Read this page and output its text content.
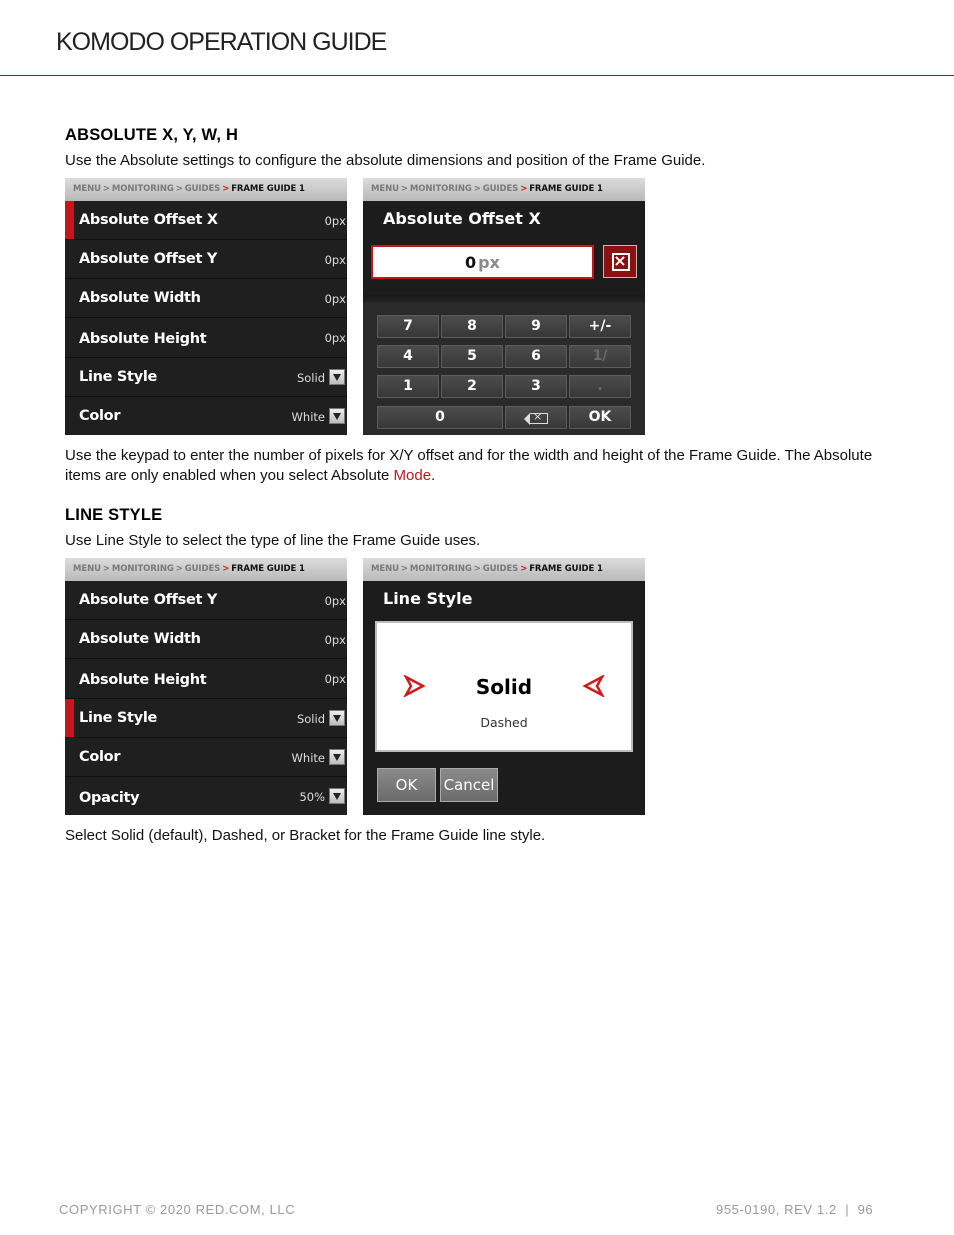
KOMODO OPERATION GUIDE
ABSOLUTE X, Y, W, H
Use the Absolute settings to configure the absolute dimensions and position of the Frame Guide.
MENU > MONITORING > GUIDES > FRAME GUIDE 1
Absolute Offset X	0px
Absolute Offset Y	0px
Absolute Width	0px
Absolute Height	0px
Line Style	Solid
Color	White
MENU > MONITORING > GUIDES > FRAME GUIDE 1
Absolute Offset X
0 px	×
7	8	9	+/-
4	5	6	1/
1	2	3	.
0
×	OK
Use the keypad to enter the number of pixels for X/Y offset and for the width and height of the Frame Guide. The Absolute items are only enabled when you select Absolute Mode.
LINE STYLE
Use Line Style to select the type of line the Frame Guide uses.
MENU > MONITORING > GUIDES > FRAME GUIDE 1
Absolute Offset Y	0px
Absolute Width	0px
Absolute Height	0px
Line Style	Solid
Color	White
Opacity	50%
MENU > MONITORING > GUIDES > FRAME GUIDE 1
Line Style
Solid
Dashed
OK	Cancel
Select Solid (default), Dashed, or Bracket for the Frame Guide line style.
COPYRIGHT © 2020 RED.COM, LLC	955-0190, REV 1.2  |  96
